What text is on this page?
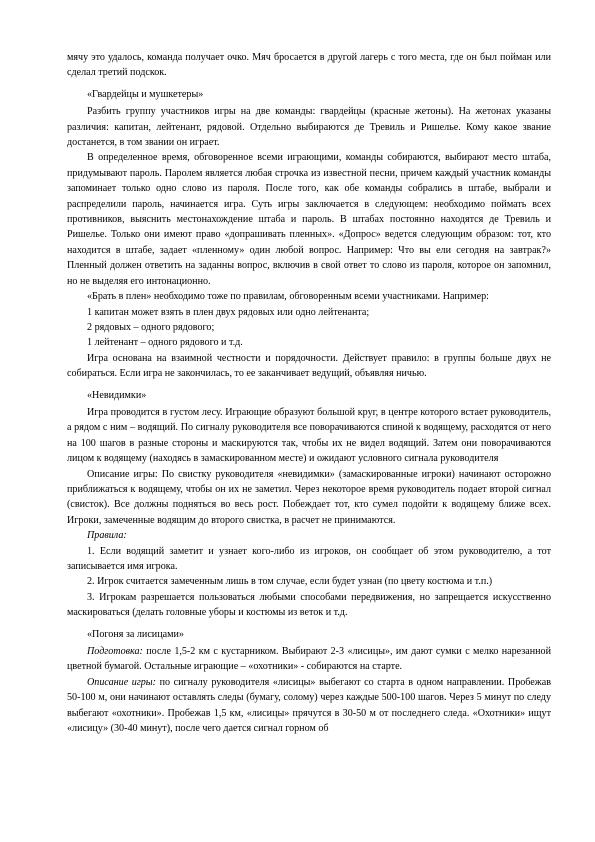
мячу это удалось, команда получает очко. Мяч бросается в другой лагерь с того места, где он был пойман или сделал третий подскок.

«Гвардейцы и мушкетеры»

Разбить группу участников игры на две команды: гвардейцы (красные жетоны). На жетонах указаны различия: капитан, лейтенант, рядовой. Отдельно выбираются де Тревиль и Ришелье. Кому какое звание достанется, в том звании он играет.

В определенное время, обговоренное всеми играющими, команды собираются, выбирают место штаба, придумывают пароль. Паролем является любая строчка из известной песни, причем каждый участник команды запоминает только одно слово из пароля. После того, как обе команды собрались в штабе, выбрали и распределили пароль, начинается игра. Суть игры заключается в следующем: необходимо поймать всех противников, выяснить местонахождение штаба и пароль. В штабах постоянно находятся де Тревиль и Ришелье. Только они имеют право «допрашивать пленных». «Допрос» ведется следующим образом: тот, кто находится в штабе, задает «пленному» один любой вопрос. Например: Что вы ели сегодня на завтрак?» Пленный должен ответить на заданны вопрос, включив в свой ответ то слово из пароля, которое он запомнил, но не выделяя его интонационно.

«Брать в плен» необходимо тоже по правилам, обговоренным всеми участниками. Например:

1 капитан может взять в плен двух рядовых или одно лейтенанта;

2 рядовых – одного рядового;

1 лейтенант – одного рядового и т.д.

Игра основана на взаимной честности и порядочности. Действует правило: в группы больше двух не собираться. Если игра не закончилась, то ее заканчивает ведущий, объявляя ничью.

«Невидимки»

Игра проводится в густом лесу. Играющие образуют большой круг, в центре которого встает руководитель, а рядом с ним – водящий. По сигналу руководителя все поворачиваются спиной к водящему, расходятся от него на 100 шагов в разные стороны и маскируются так, чтобы их не видел водящий. Затем они поворачиваются лицом к водящему (находясь в замаскированном месте) и ожидают условного сигнала руководителя

Описание игры: По свистку руководителя «невидимки» (замаскированные игроки) начинают осторожно приближаться к водящему, чтобы он их не заметил. Через некоторое время руководитель подает второй сигнал (свисток). Все должны подняться во весь рост. Побеждает тот, кто сумел подойти к водящему ближе всех. Игроки, замеченные водящим до второго свистка, в расчет не принимаются.

Правила:

1. Если водящий заметит и узнает кого-либо из игроков, он сообщает об этом руководителю, а тот записывается имя игрока.

2. Игрок считается замеченным лишь в том случае, если будет узнан (по цвету костюма и т.п.)

3. Игрокам разрешается пользоваться любыми способами передвижения, но запрещается искусственно маскироваться (делать головные уборы и костюмы из веток и т.д.

«Погоня за лисицами»

Подготовка: после 1,5-2 км с кустарником. Выбирают 2-3 «лисицы», им дают сумки с мелко нарезанной цветной бумагой. Остальные играющие – «охотники» - собираются на старте.

Описание игры: по сигналу руководителя «лисицы» выбегают со старта в одном направлении. Пробежав 50-100 м, они начинают оставлять следы (бумагу, солому) через каждые 500-100 шагов. Через 5 минут по следу выбегают «охотники». Пробежав 1,5 км, «лисицы» прячутся в 30-50 м от последнего следа. «Охотники» ищут «лисицу» (30-40 минут), после чего дается сигнал горном об
